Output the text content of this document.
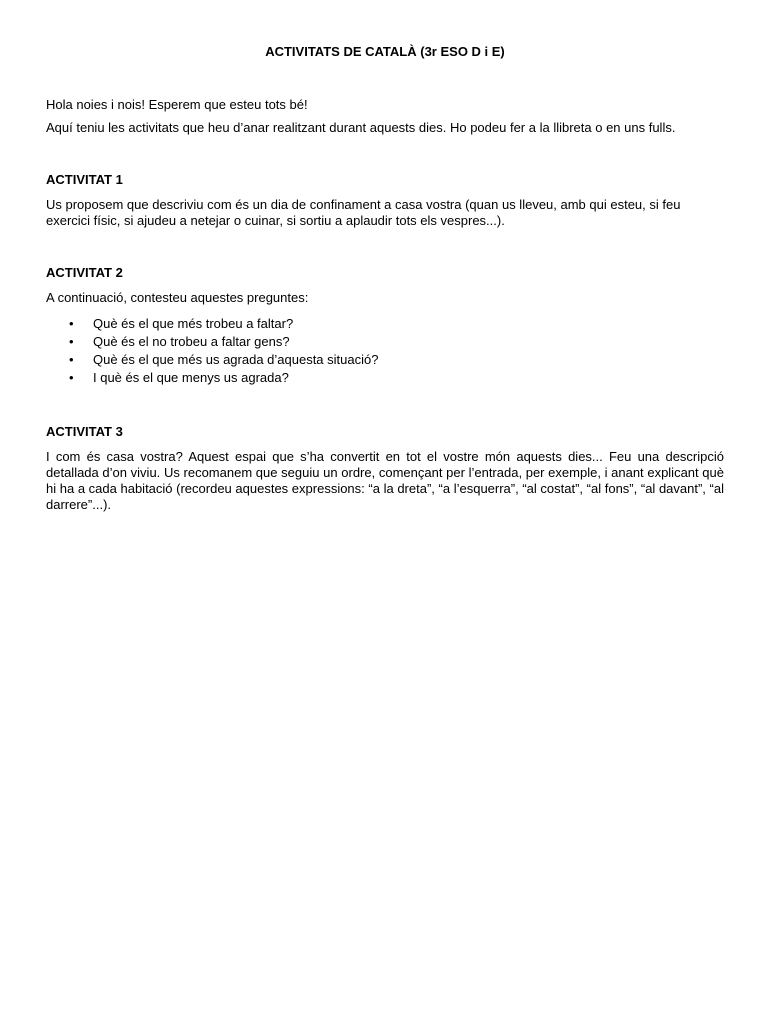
ACTIVITATS DE CATALÀ (3r ESO D i E)

Hola noies i nois! Esperem que esteu tots bé!

Aquí teniu les activitats que heu d’anar realitzant durant aquests dies. Ho podeu fer a la llibreta o en uns fulls.

ACTIVITAT 1

Us proposem que descriviu com és un dia de confinament a casa vostra (quan us lleveu, amb qui esteu, si feu exercici físic, si ajudeu a netejar o cuinar, si sortiu a aplaudir tots els vespres...).

ACTIVITAT 2

A continuació, contesteu aquestes preguntes:

• Què és el que més trobeu a faltar?
• Què és el no trobeu a faltar gens?
• Què és el que més us agrada d’aquesta situació?
• I què és el que menys us agrada?

ACTIVITAT 3

I com és casa vostra? Aquest espai que s’ha convertit en tot el vostre món aquests dies... Feu una descripció detallada d’on viviu. Us recomanem que seguiu un ordre, començant per l’entrada, per exemple, i anant explicant què hi ha a cada habitació (recordeu aquestes expressions: “a la dreta”, “a l’esquerra”, “al costat”, “al fons”, “al davant”, “al darrere”...).
